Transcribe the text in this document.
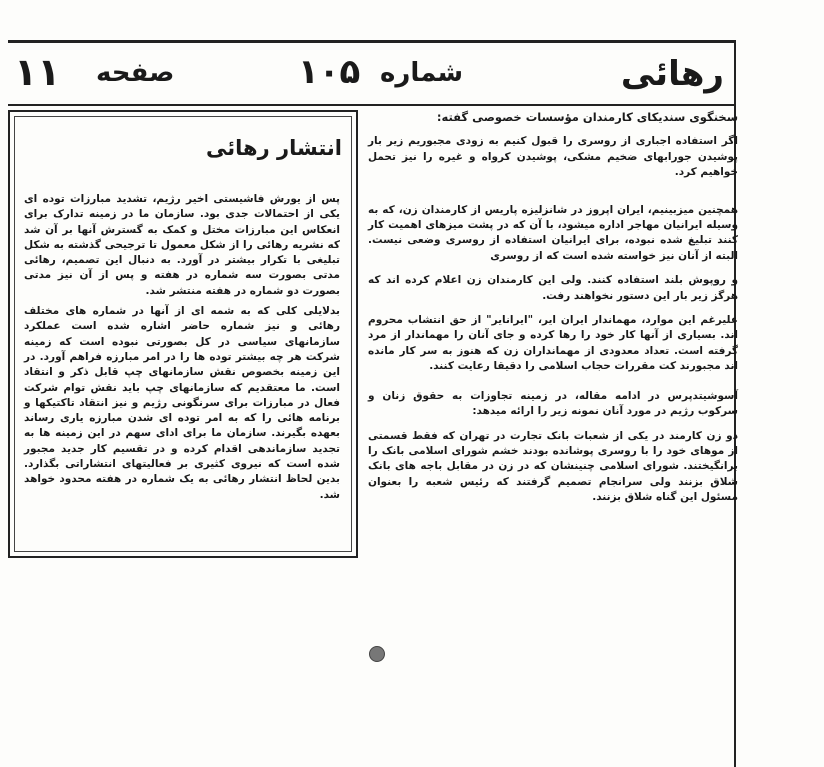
رهائی
شماره
۱۰۵
صفحه
۱۱
انتشار رهائی

پس از یورش فاشیستی اخیر رژیم، تشدید مبارزات توده ای یکی از احتمالات جدی بود. سازمان ما در زمینه تدارک برای انعکاس این مبارزات مختل و کمک به گسترش آنها بر آن شد که نشریه رهائی را از شکل معمول تا ترجیحی گذشته به شکل تبلیغی با تکرار بیشتر در آورد. به دنبال این تصمیم، رهائی مدتی بصورت سه شماره در هفته و پس از آن نیز مدتی بصورت دو شماره در هفته منتشر شد.

بدلایلی کلی که به شمه ای از آنها در شماره های مختلف رهائی و نیز شماره حاضر اشاره شده است عملکرد سازمانهای سیاسی در کل بصورتی نبوده است که زمینه شرکت هر چه بیشتر توده ها را در امر مبارزه فراهم آورد. در این زمینه بخصوص نقش سازمانهای چپ قابل ذکر و انتقاد است. ما معتقدیم که سازمانهای چپ باید نقش توام شرکت فعال در مبارزات برای سرنگونی رژیم و نیز انتقاد تاکتیکها و برنامه هائی را که به امر توده ای شدن مبارزه یاری رساند بعهده بگیرند. سازمان ما برای ادای سهم در این زمینه ها به تجدید سازماندهی اقدام کرده و در تقسیم کار جدید مجبور شده است که نیروی کثیری بر فعالیتهای انتشاراتی بگذارد. بدین لحاظ انتشار رهائی به یک شماره در هفته محدود خواهد شد.

سخنگوی سندیکای کارمندان مؤسسات خصوصی گفته:

اگر استفاده اجباری از روسری را قبول کنیم به زودی مجبوریم زیر بار پوشیدن جورابهای ضخیم مشکی، پوشیدن کرواه و غیره را نیز تحمل خواهیم کرد.

همچنین میزبینیم، ایران اپروز در شانزلیزه پاریس از کارمندان زن، که به وسیله ایرانیان مهاجر اداره میشود، با آن که در پشت میزهای اهمیت کار کنند تبلیغ شده نبوده، برای ایرانیان استفاده از روسری وضعی نیست. البته از آنان نیز خواسته شده است که از روسری

و روپوش بلند استفاده کنند. ولی این کارمندان زن اعلام کرده اند که هرگز زیر بار این دستور نخواهند رفت.

علیرغم این موارد، مهماندار ایران ایر، "ایرانایر" از حق انتشاب محروم اند. بسیاری از آنها کار خود را رها کرده و جای آنان را مهماندار از مرد گرفته است. تعداد معدودی از مهمانداران زن که هنوز به سر کار مانده اند مجبورند کت مقررات حجاب اسلامی را دقیقا رعایت کنند.

آسوشیتدپرس در ادامه مقاله، در زمینه تجاوزات به حقوق زنان و سرکوب رژیم در مورد آنان نمونه زیر را ارائه میدهد:

دو زن کارمند در یکی از شعبات بانک تجارت در تهران که فقط قسمتی از موهای خود را با روسری پوشانده بودند خشم شورای اسلامی بانک را برانگیختند. شورای اسلامی چنینشان که در زن در مقابل باجه های بانک شلاق بزنند ولی سرانجام تصمیم گرفتند که رئیس شعبه را بعنوان مسئول این گناه شلاق بزنند.
